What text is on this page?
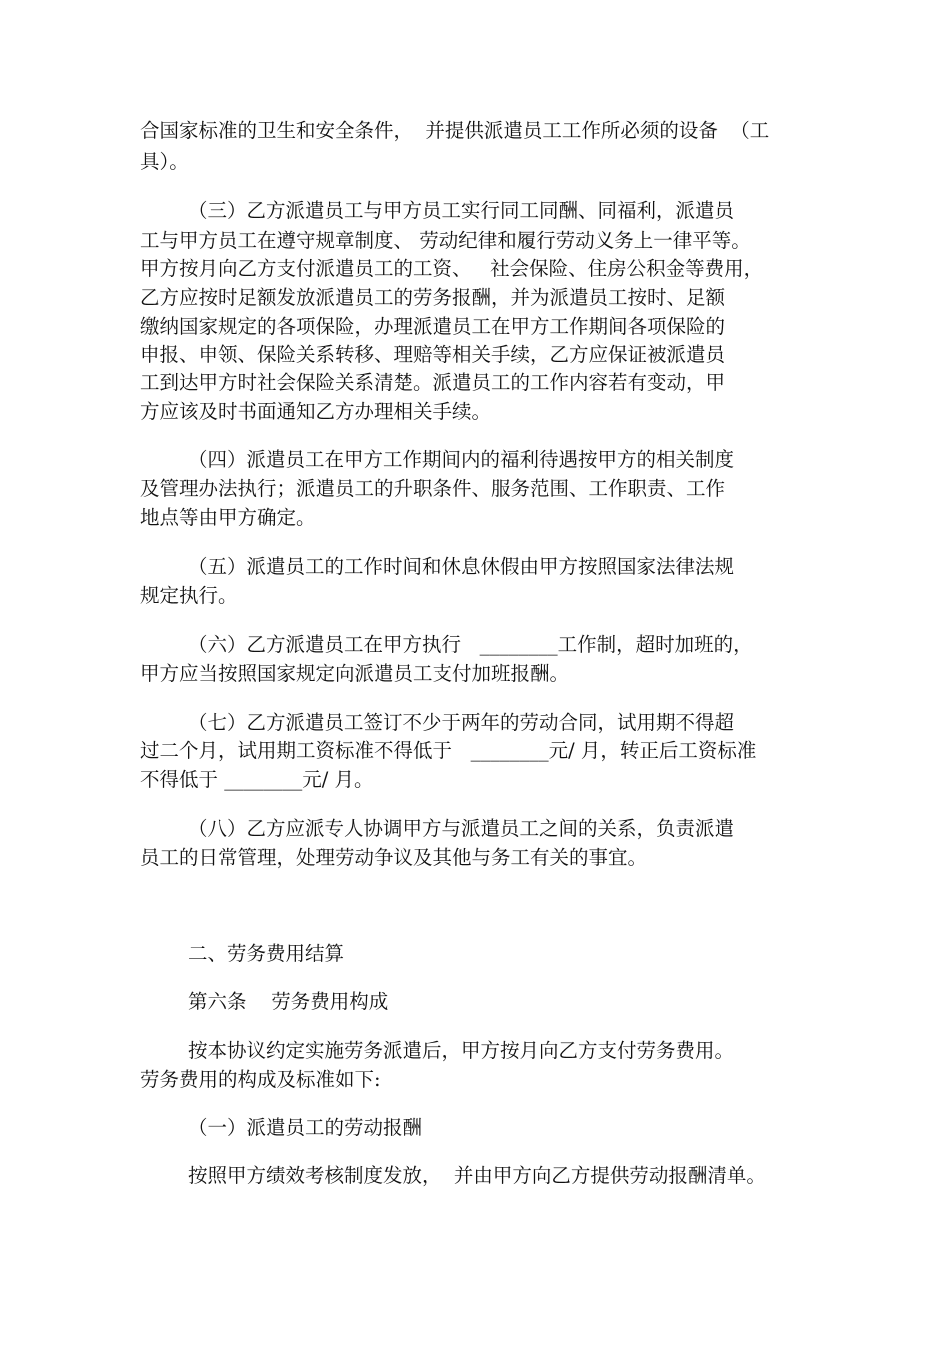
合国家标准的卫生和安全条件，  并提供派遣员工工作所必须的设备  （工
具）。
（三）乙方派遣员工与甲方员工实行同工同酬、同福利，派遣员
工与甲方员工在遵守规章制度、 劳动纪律和履行劳动义务上一律平等。
甲方按月向乙方支付派遣员工的工资、   社会保险、住房公积金等费用，
乙方应按时足额发放派遣员工的劳务报酬，并为派遣员工按时、足额
缴纳国家规定的各项保险，办理派遣员工在甲方工作期间各项保险的
申报、申领、保险关系转移、理赔等相关手续，乙方应保证被派遣员
工到达甲方时社会保险关系清楚。派遣员工的工作内容若有变动，甲
方应该及时书面通知乙方办理相关手续。
（四）派遣员工在甲方工作期间内的福利待遇按甲方的相关制度
及管理办法执行；派遣员工的升职条件、服务范围、工作职责、工作
地点等由甲方确定。
（五）派遣员工的工作时间和休息休假由甲方按照国家法律法规
规定执行。
（六）乙方派遣员工在甲方执行   ________工作制，超时加班的，
甲方应当按照国家规定向派遣员工支付加班报酬。
（七）乙方派遣员工签订不少于两年的劳动合同，试用期不得超
过二个月，试用期工资标准不得低于   ________元/ 月，转正后工资标准
不得低于 ________元/ 月。
（八）乙方应派专人协调甲方与派遣员工之间的关系，负责派遣
员工的日常管理，处理劳动争议及其他与务工有关的事宜。
二、劳务费用结算
第六条    劳务费用构成
按本协议约定实施劳务派遣后，甲方按月向乙方支付劳务费用。
劳务费用的构成及标准如下:
（一）派遣员工的劳动报酬
按照甲方绩效考核制度发放，  并由甲方向乙方提供劳动报酬清单。
